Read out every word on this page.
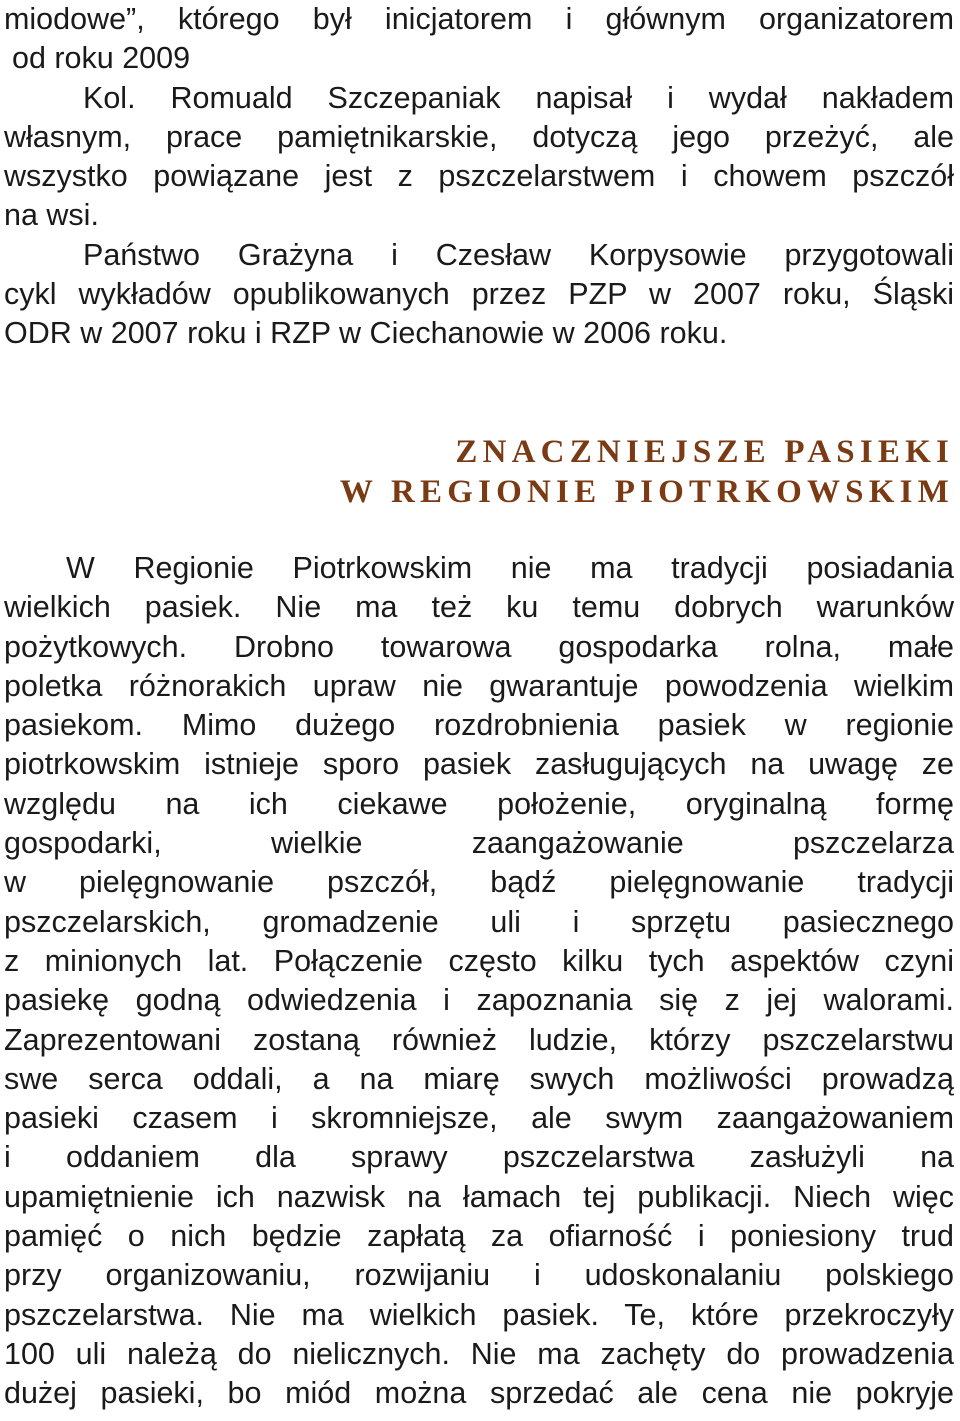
miodowe”, którego był inicjatorem i głównym organizatorem
od roku 2009

Kol. Romuald Szczepaniak napisał i wydał nakładem
własnym, prace pamiętnikarskie, dotyczą jego przeżyć, ale
wszystko powiązane jest z pszczelarstwem i chowem pszczół
na wsi.

Państwo Grażyna i Czesław Korpysowie przygotowali
cykl wykładów opublikowanych przez PZP w 2007 roku, Śląski
ODR w 2007 roku i RZP w Ciechanowie w 2006 roku.

ZNACZNIEJSZE PASIEKI
W REGIONIE PIOTRKOWSKIM

W Regionie Piotrkowskim nie ma tradycji posiadania
wielkich pasiek. Nie ma też ku temu dobrych warunków
pożytkowych. Drobno towarowa gospodarka rolna, małe
poletka różnorakich upraw nie gwarantuje powodzenia wielkim
pasiekom. Mimo dużego rozdrobnienia pasiek w regionie
piotrkowskim istnieje sporo pasiek zasługujących na uwagę ze
względu na ich ciekawe położenie, oryginalną formę
gospodarki, wielkie zaangażowanie pszczelarza
w pielęgnowanie pszczół, bądź pielęgnowanie tradycji
pszczelarskich, gromadzenie uli i sprzętu pasiecznego
z minionych lat. Połączenie często kilku tych aspektów czyni
pasiekę godną odwiedzenia i zapoznania się z jej walorami.
Zaprezentowani zostaną również ludzie, którzy pszczelarstwu
swe serca oddali, a na miarę swych możliwości prowadzą
pasieki czasem i skromniejsze, ale swym zaangażowaniem
i oddaniem dla sprawy pszczelarstwa zasłużyli na
upamiętnienie ich nazwisk na łamach tej publikacji. Niech więc
pamięć o nich będzie zapłatą za ofiarność i poniesiony trud
przy organizowaniu, rozwijaniu i udoskonalaniu polskiego
pszczelarstwa. Nie ma wielkich pasiek. Te, które przekroczyły
100 uli należą do nielicznych. Nie ma zachęty do prowadzenia
dużej pasieki, bo miód można sprzedać ale cena nie pokryje
